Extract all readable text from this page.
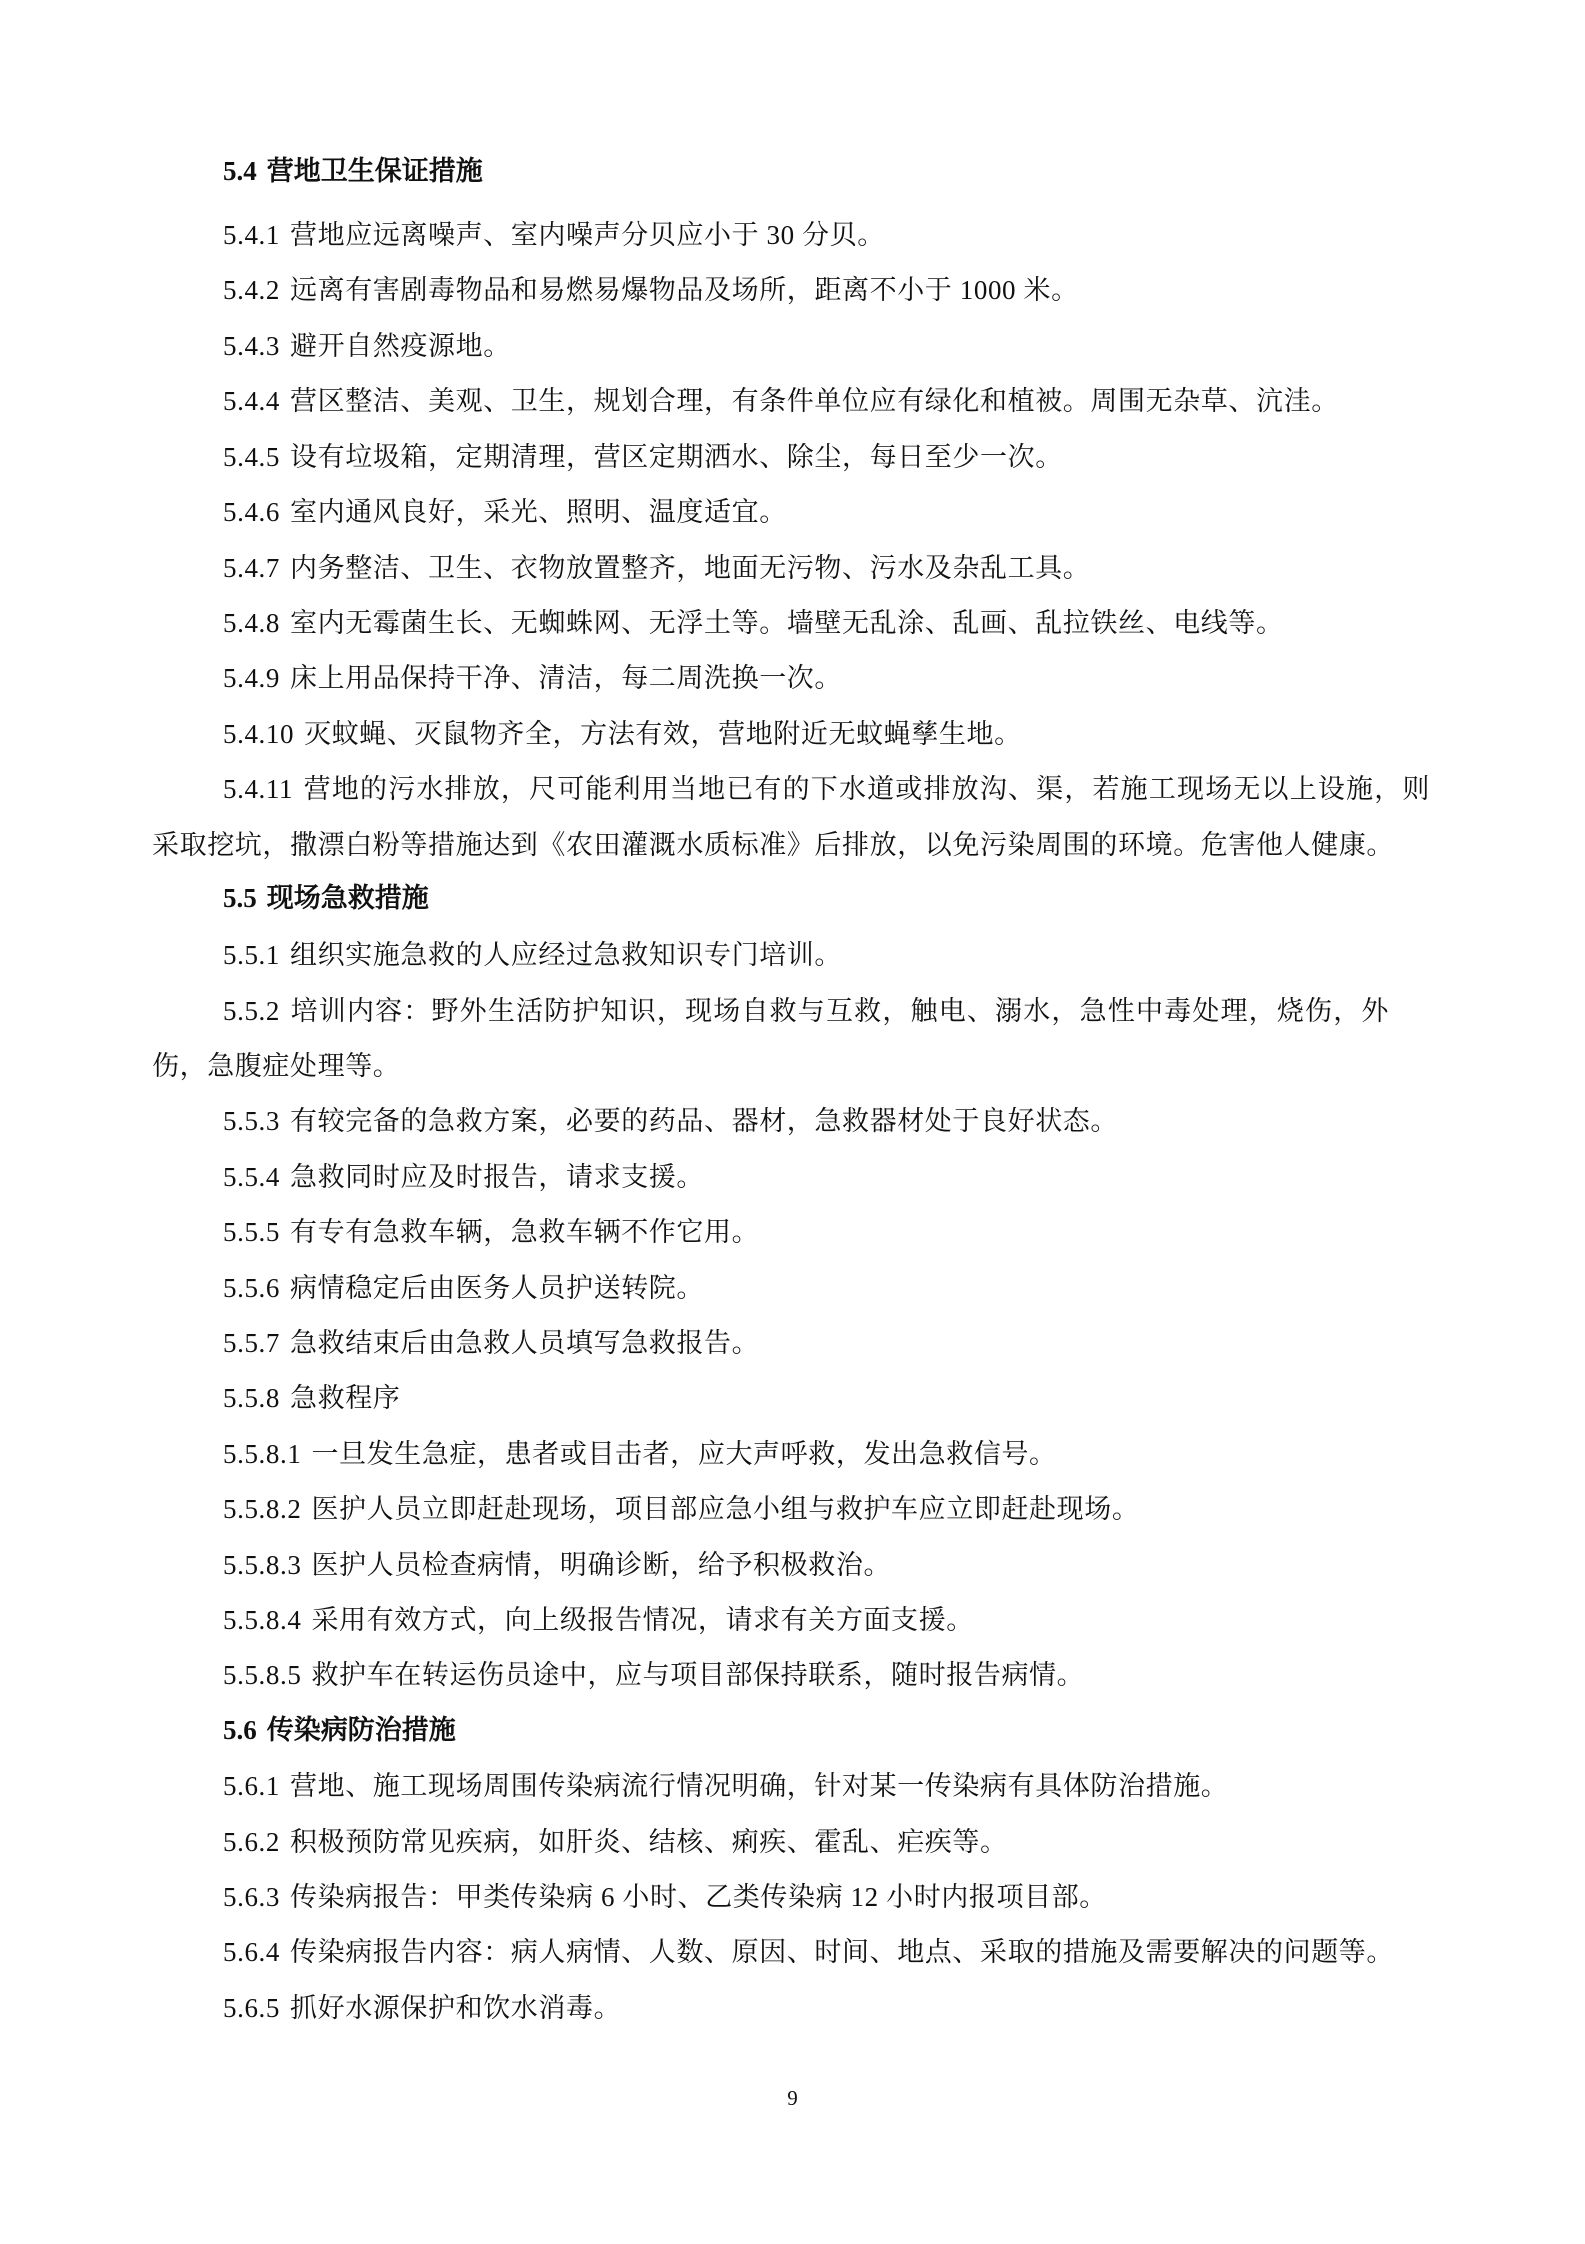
5.4 营地卫生保证措施
5.4.1 营地应远离噪声、室内噪声分贝应小于 30 分贝。
5.4.2 远离有害剧毒物品和易燃易爆物品及场所，距离不小于 1000 米。
5.4.3 避开自然疫源地。
5.4.4 营区整洁、美观、卫生，规划合理，有条件单位应有绿化和植被。周围无杂草、沆洼。
5.4.5 设有垃圾箱，定期清理，营区定期洒水、除尘，每日至少一次。
5.4.6 室内通风良好，采光、照明、温度适宜。
5.4.7 内务整洁、卫生、衣物放置整齐，地面无污物、污水及杂乱工具。
5.4.8 室内无霉菌生长、无蜘蛛网、无浮土等。墙壁无乱涂、乱画、乱拉铁丝、电线等。
5.4.9 床上用品保持干净、清洁，每二周洗换一次。
5.4.10 灭蚊蝇、灭鼠物齐全，方法有效，营地附近无蚊蝇孳生地。
5.4.11 营地的污水排放，尺可能利用当地已有的下水道或排放沟、渠，若施工现场无以上设施，则
采取挖坑，撒漂白粉等措施达到《农田灌溉水质标准》后排放，以免污染周围的环境。危害他人健康。
5.5 现场急救措施
5.5.1 组织实施急救的人应经过急救知识专门培训。
5.5.2 培训内容：野外生活防护知识，现场自救与互救，触电、溺水，急性中毒处理，烧伤，外
伤，急腹症处理等。
5.5.3 有较完备的急救方案，必要的药品、器材，急救器材处于良好状态。
5.5.4 急救同时应及时报告，请求支援。
5.5.5 有专有急救车辆，急救车辆不作它用。
5.5.6 病情稳定后由医务人员护送转院。
5.5.7 急救结束后由急救人员填写急救报告。
5.5.8 急救程序
5.5.8.1 一旦发生急症，患者或目击者，应大声呼救，发出急救信号。
5.5.8.2 医护人员立即赶赴现场，项目部应急小组与救护车应立即赶赴现场。
5.5.8.3 医护人员检查病情，明确诊断，给予积极救治。
5.5.8.4 采用有效方式，向上级报告情况，请求有关方面支援。
5.5.8.5 救护车在转运伤员途中，应与项目部保持联系，随时报告病情。
5.6 传染病防治措施
5.6.1 营地、施工现场周围传染病流行情况明确，针对某一传染病有具体防治措施。
5.6.2 积极预防常见疾病，如肝炎、结核、痢疾、霍乱、疟疾等。
5.6.3 传染病报告：甲类传染病 6 小时、乙类传染病 12 小时内报项目部。
5.6.4 传染病报告内容：病人病情、人数、原因、时间、地点、采取的措施及需要解决的问题等。
5.6.5 抓好水源保护和饮水消毒。
9
